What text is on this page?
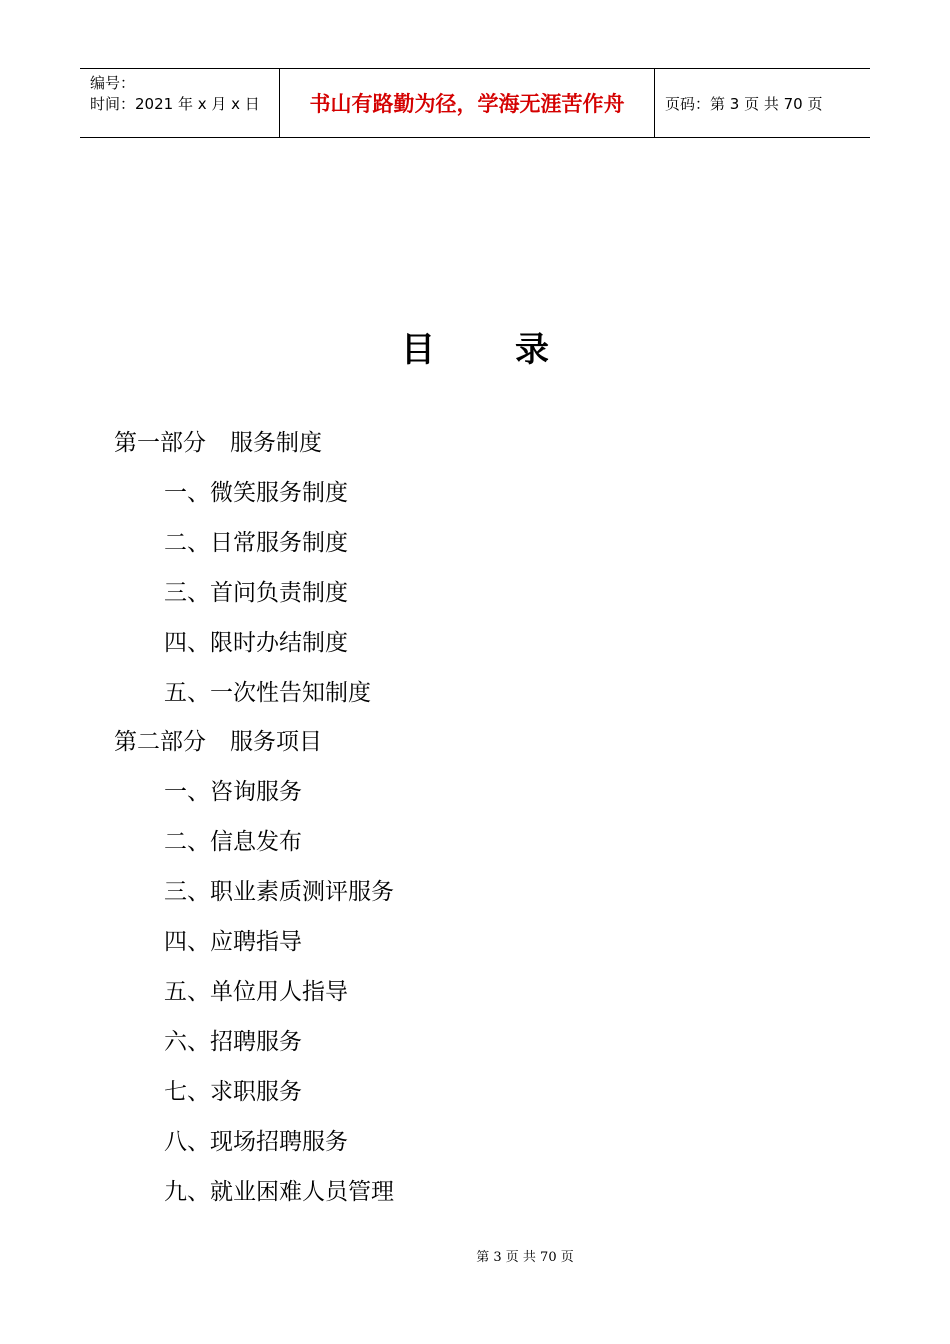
编号：
时间：2021 年 x 月 x 日	书山有路勤为径，学海无涯苦作舟	页码：第 3 页 共 70 页
目 录
第一部分 服务制度
一、微笑服务制度
二、日常服务制度
三、首问负责制度
四、限时办结制度
五、一次性告知制度
第二部分 服务项目
一、咨询服务
二、信息发布
三、职业素质测评服务
四、应聘指导
五、单位用人指导
六、招聘服务
七、求职服务
八、现场招聘服务
九、就业困难人员管理
第 3 页 共 70 页
